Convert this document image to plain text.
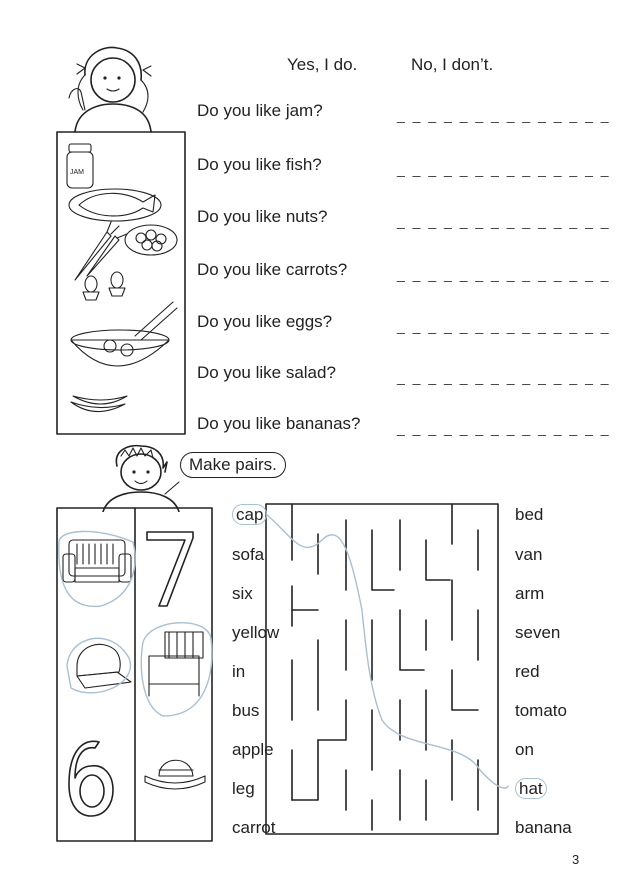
Yes, I do.	No, I don’t.
JAM
Do you like jam?
Do you like fish?
Do you like nuts?
Do you like carrots?
Do you like eggs?
Do you like salad?
Do you like bananas?
_ _ _ _ _ _ _ _ _ _ _ _ _ _
_ _ _ _ _ _ _ _ _ _ _ _ _ _
_ _ _ _ _ _ _ _ _ _ _ _ _ _
_ _ _ _ _ _ _ _ _ _ _ _ _ _
_ _ _ _ _ _ _ _ _ _ _ _ _ _
_ _ _ _ _ _ _ _ _ _ _ _ _ _
_ _ _ _ _ _ _ _ _ _ _ _ _ _
Make pairs.
cap
sofa
six
yellow
in
bus
apple
leg
carrot
bed
van
arm
seven
red
tomato
on
hat
banana
3
